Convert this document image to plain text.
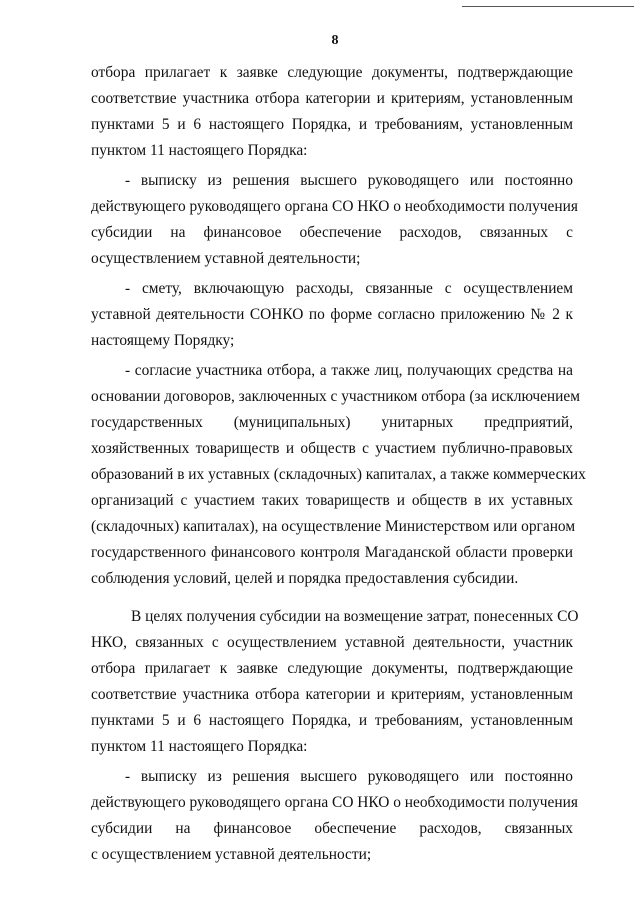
8
отбора прилагает к заявке следующие документы, подтверждающие
соответствие участника отбора категории и критериям, установленным
пунктами 5 и 6 настоящего Порядка, и требованиям, установленным
пунктом 11 настоящего Порядка:
- выписку из решения высшего руководящего или постоянно
действующего руководящего органа СО НКО о необходимости получения
субсидии на финансовое обеспечение расходов, связанных с
осуществлением уставной деятельности;
- смету, включающую расходы, связанные с осуществлением
уставной деятельности СОНКО по форме согласно приложению № 2 к
настоящему Порядку;
- согласие участника отбора, а также лиц, получающих средства на
основании договоров, заключенных с участником отбора (за исключением
государственных (муниципальных) унитарных предприятий,
хозяйственных товариществ и обществ с участием публично-правовых
образований в их уставных (складочных) капиталах, а также коммерческих
организаций с участием таких товариществ и обществ в их уставных
(складочных) капиталах), на осуществление Министерством или органом
государственного финансового контроля Магаданской области проверки
соблюдения условий, целей и порядка предоставления субсидии.
В целях получения субсидии на возмещение затрат, понесенных СО
НКО, связанных с осуществлением уставной деятельности, участник
отбора прилагает к заявке следующие документы, подтверждающие
соответствие участника отбора категории и критериям, установленным
пунктами 5 и 6 настоящего Порядка, и требованиям, установленным
пунктом 11 настоящего Порядка:
- выписку из решения высшего руководящего или постоянно
действующего руководящего органа СО НКО о необходимости получения
субсидии на финансовое обеспечение расходов, связанных
с осуществлением уставной деятельности;
